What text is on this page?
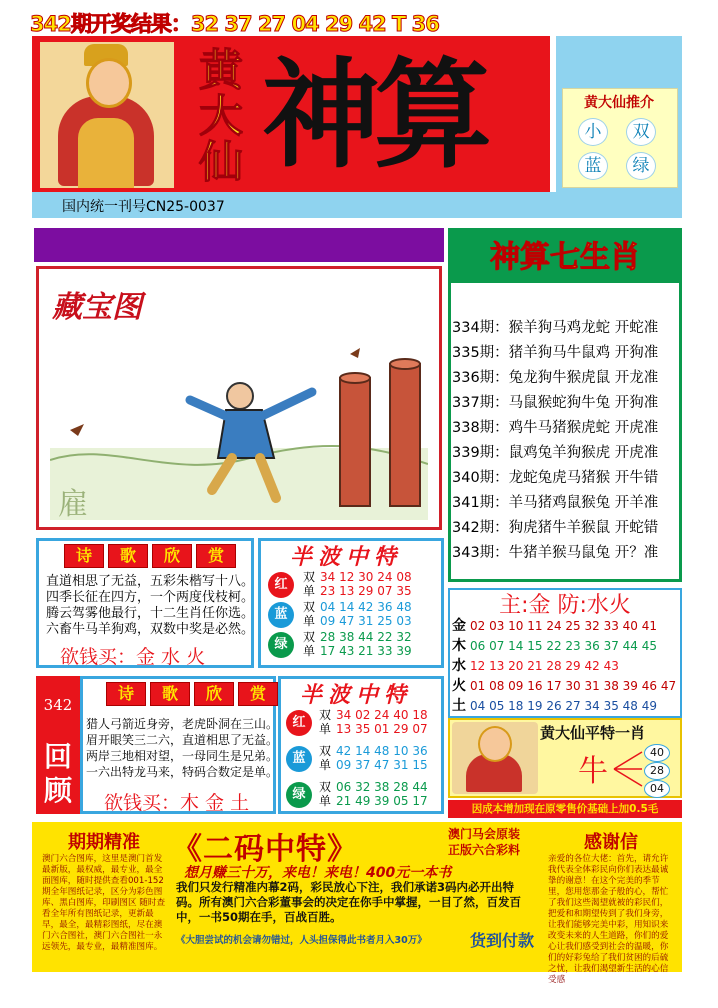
342期开奖结果：32 37 27 04 29 42 T 36
黄
大
仙 神算	黄大仙推介
小	双
蓝	绿
国内统一刊号CN25-0037
藏宝图
雇
神算七生肖
334期：猴羊狗马鸡龙蛇 开蛇准
335期：猪羊狗马牛鼠鸡 开狗准
336期：兔龙狗牛猴虎鼠 开龙准
337期：马鼠猴蛇狗牛兔 开狗准
338期：鸡牛马猪猴虎蛇 开虎准
339期：鼠鸡兔羊狗猴虎 开虎准
340期：龙蛇兔虎马猪猴 开牛错
341期：羊马猪鸡鼠猴兔 开羊准
342期：狗虎猪牛羊猴鼠 开蛇错
343期：牛猪羊猴马鼠兔 开？准
诗	歌	欣	赏
直道相思了无益，五彩朱楷写十八。
四季长征在四方，一个两度伐枝柯。
腾云驾雾他最行，十二生肖任你选。
六畜牛马羊狗鸡，双数中奖是必然。
欲钱买：金 水 火
半波中特
红	双 34 12 30 24 08
单 23 13 29 07 35
蓝	双 04 14 42 36 48
单 09 47 31 25 03
绿	双 28 38 44 22 32
单 17 43 21 33 39
342
回顾
诗	歌	欣	赏
猎人弓箭近身旁，老虎卧洞在三山。
眉开眼笑三二六，直道相思了无益。
两岸三地相对望，一母同生是兄弟。
一六出特龙马来，特码合数定是单。
欲钱买：木 金 土
半波中特
红	双 34 02 24 40 18
单 13 35 01 29 07
蓝	双 42 14 48 10 36
单 09 37 47 31 15
绿	双 06 32 38 28 44
单 21 49 39 05 17
主:金 防:水火
金 02 03 10 11 24 25 32 33 40 41
木 06 07 14 15 22 23 36 37 44 45
水 12 13 20 21 28 29 42 43
火 01 08 09 16 17 30 31 38 39 46 47
土 04 05 18 19 26 27 34 35 48 49
黄大仙平特一肖
牛
40
28
04
因成本增加现在原零售价基础上加0.5毛
期期精准
澳门六合图库，这里是澳门首发最新版，最权威，最专业，最全面图库，随时提供查看001-152期全年图纸记录，区分为彩色图库、黑白图库，印刷图区 随时查看全年所有图纸记录，更新最早，最全，最精彩图纸，尽在澳门六合图社，澳门六合图社一永远领先，最专业，最精准图库。
《二码中特》	澳门马会原装
正版六合彩料
想月赚三十万，来电！来电！400元一本书
我们只发行精准内幕2码，彩民放心下注，我们承诺3码内必开出特码。所有澳门六合彩董事会的决定在你手中掌握，一目了然，百发百中，一书50期在手，百战百胜。
《大胆尝试的机会请勿错过，人头担保得此书者月入30万》	货到付款
感谢信
亲爱的各位大佬：首先，请允许我代表全体彩民向你们表达最诚挚的谢意！在这个完美的季节里，您用您那金子般的心，帮忙了我们这些渴望就被的彩民们，把爱和和期望传到了我们身旁，让我们能够完美中彩，用知识来改变未来的人生道路，你们的爱心让我们感受到社会的温暖，你们的好彩兔给了我们贫困的后硫之忧，让我们渴望新生活的心信受感
